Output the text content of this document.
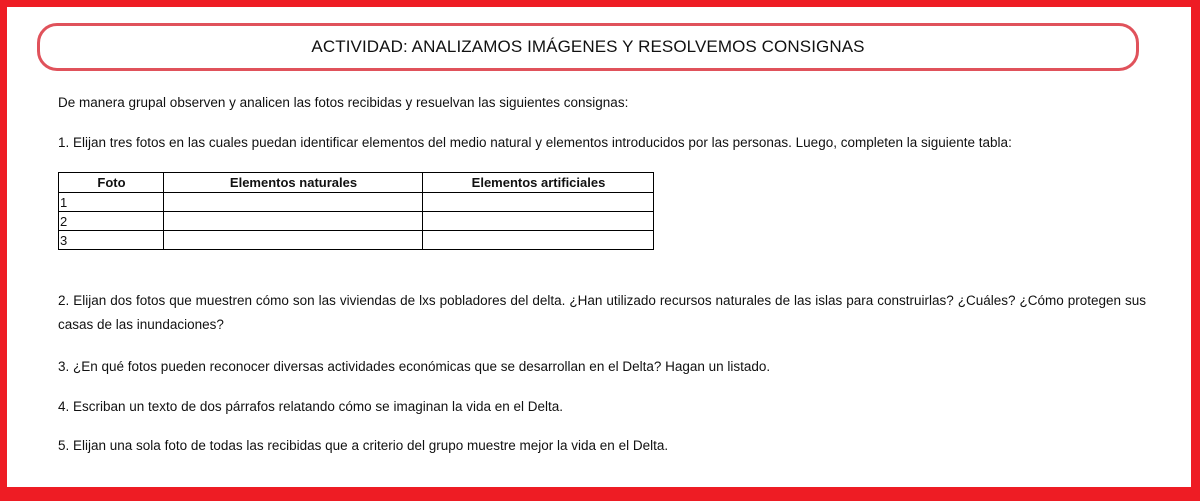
ACTIVIDAD: ANALIZAMOS IMÁGENES Y RESOLVEMOS CONSIGNAS
De manera grupal observen y analicen las fotos recibidas y resuelvan las siguientes consignas:
1. Elijan tres fotos en las cuales puedan identificar elementos del medio natural y elementos introducidos por las personas. Luego, completen la siguiente tabla:
Foto	Elementos naturales	Elementos artificiales
1		
2		
3		
2. Elijan dos fotos que muestren cómo son las viviendas de lxs pobladores del delta. ¿Han utilizado recursos naturales de las islas para construirlas? ¿Cuáles? ¿Cómo protegen sus casas de las inundaciones?
3. ¿En qué fotos pueden reconocer diversas actividades económicas que se desarrollan en el Delta? Hagan un listado.
4. Escriban un texto de dos párrafos relatando cómo se imaginan la vida en el Delta.
5. Elijan una sola foto de todas las recibidas que a criterio del grupo muestre mejor la vida en el Delta.
